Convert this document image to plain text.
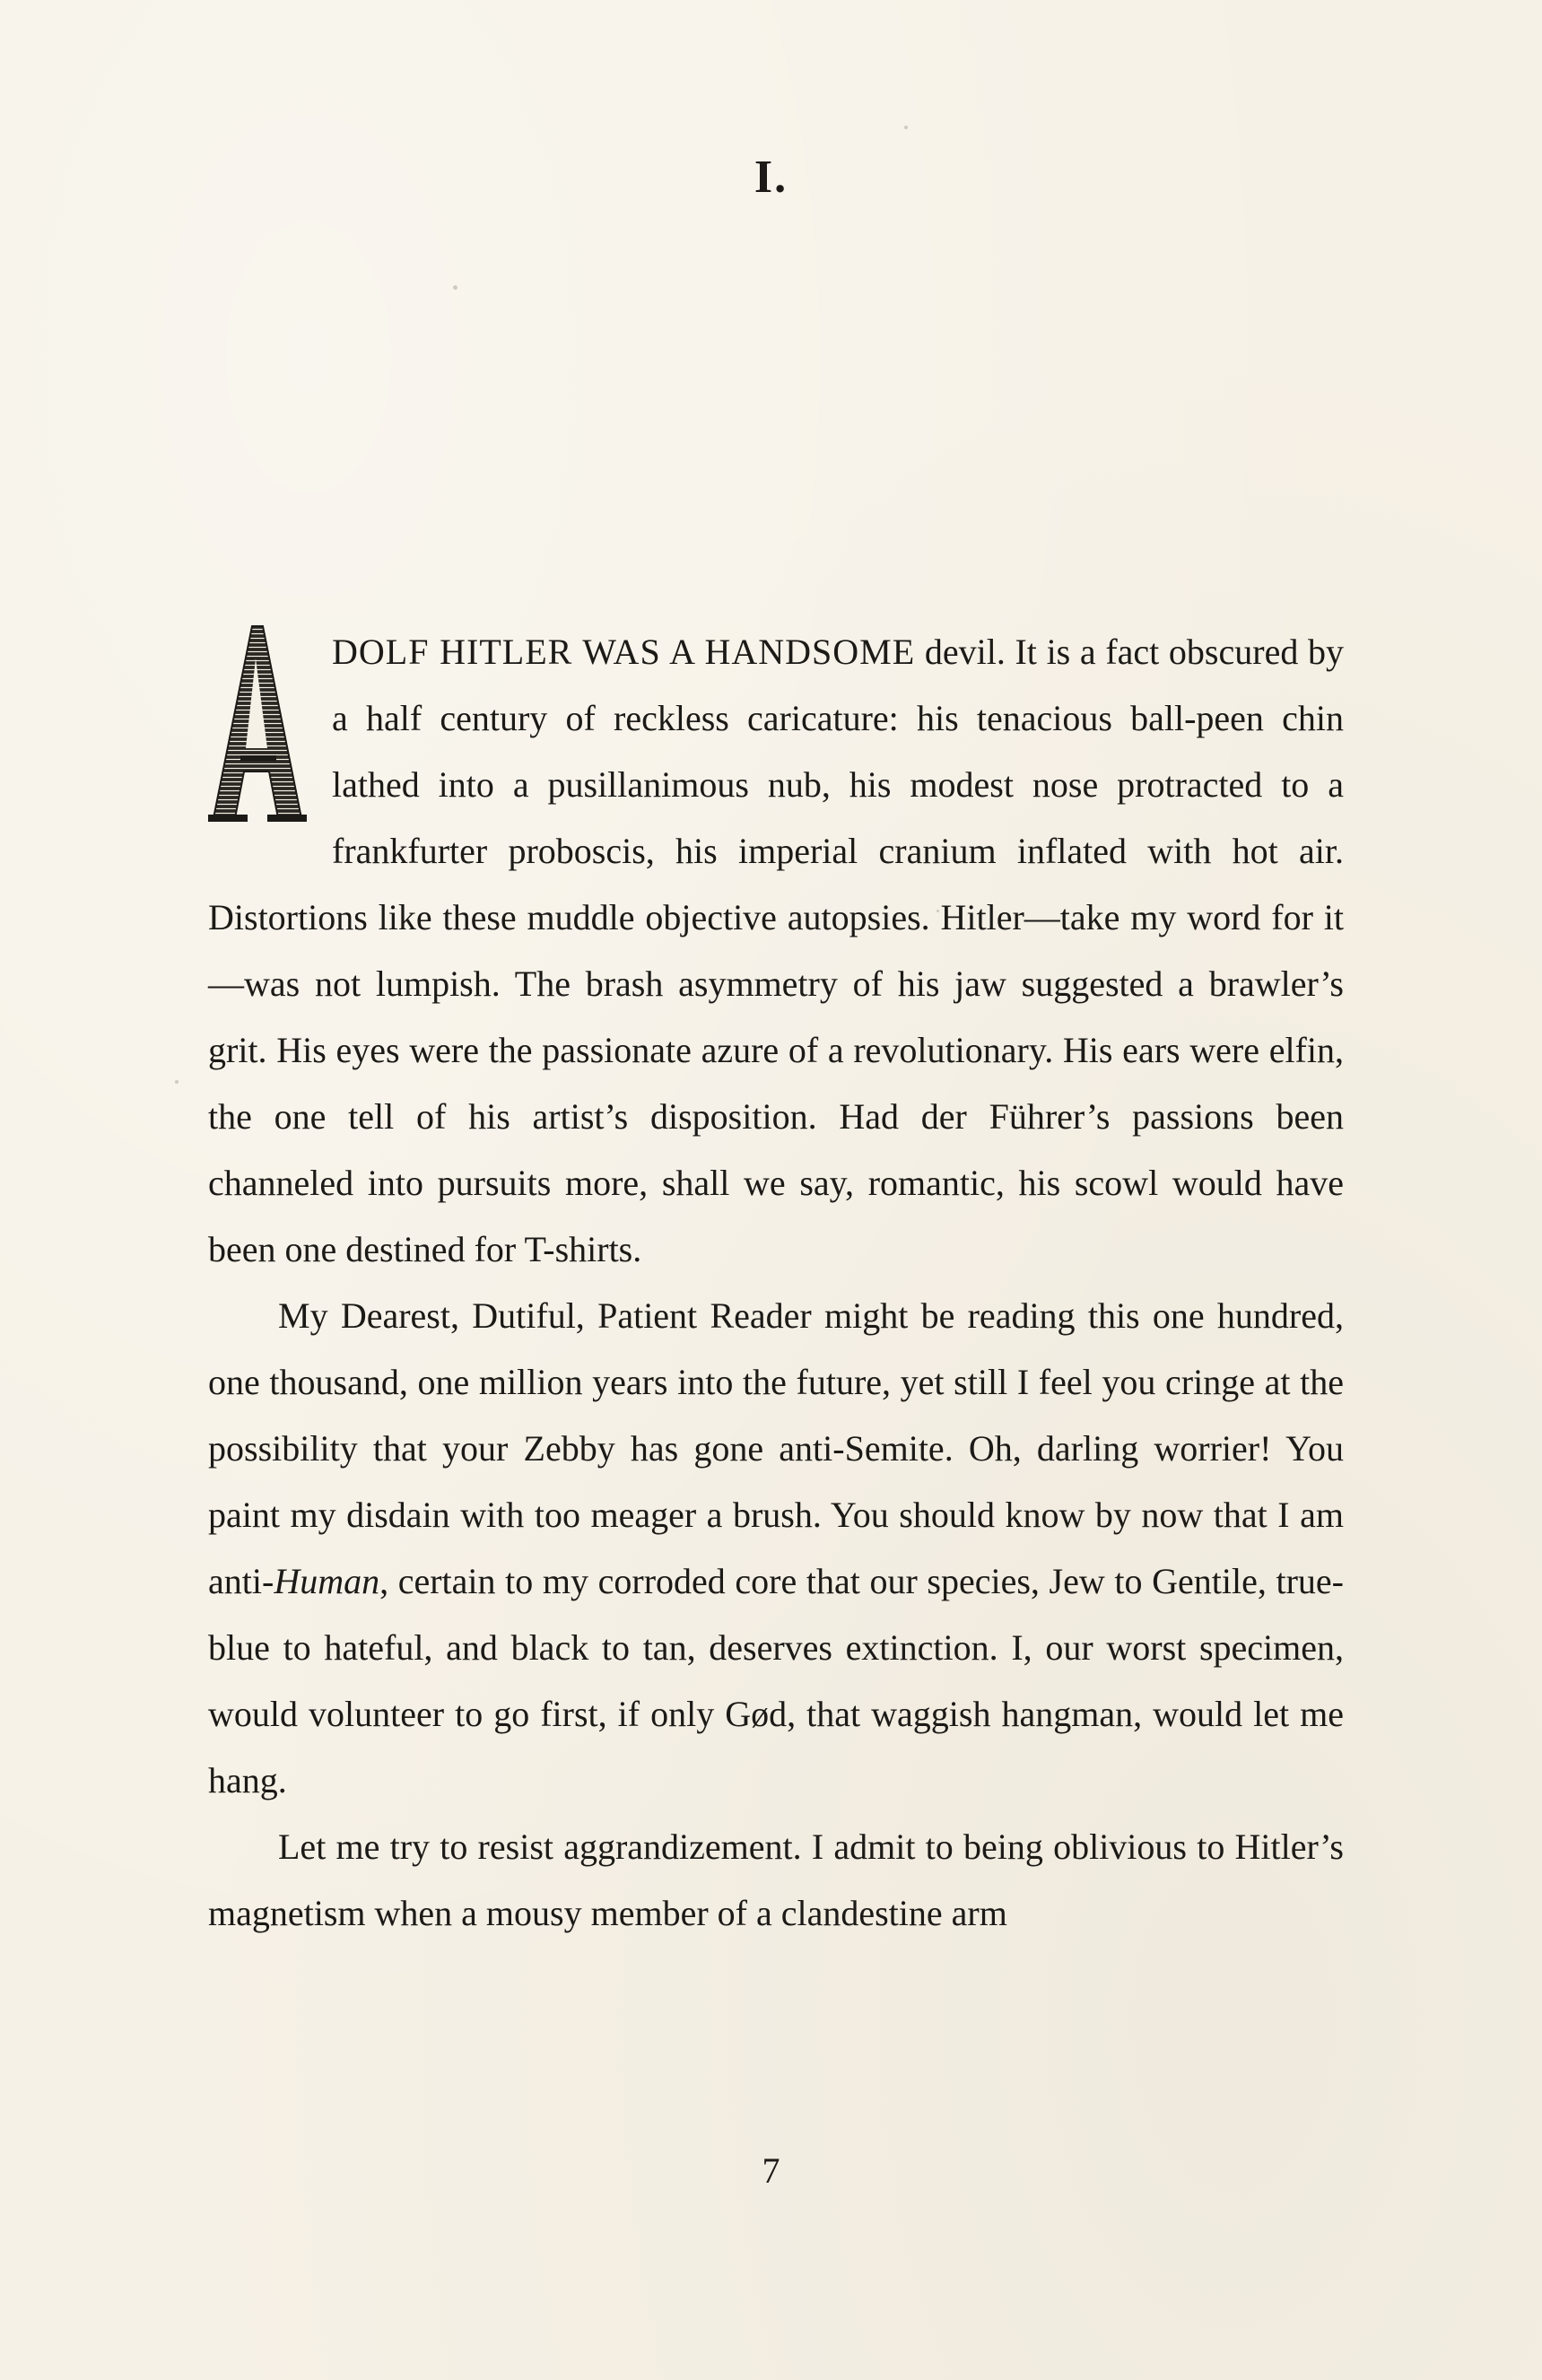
I.

DOLF HITLER WAS A HANDSOME devil. It is a fact obscured by a half century of reckless caricature: his tenacious ball-peen chin lathed into a pusillanimous nub, his modest nose protracted to a frankfurter proboscis, his imperial cranium inflated with hot air. Distortions like these muddle objective autopsies. Hitler—take my word for it—was not lumpish. The brash asymmetry of his jaw suggested a brawler’s grit. His eyes were the passionate azure of a revolutionary. His ears were elfin, the one tell of his artist’s disposition. Had der Führer’s passions been channeled into pursuits more, shall we say, romantic, his scowl would have been one destined for T-shirts.

My Dearest, Dutiful, Patient Reader might be reading this one hundred, one thousand, one million years into the future, yet still I feel you cringe at the possibility that your Zebby has gone anti-Semite. Oh, darling worrier! You paint my disdain with too meager a brush. You should know by now that I am anti-Human, certain to my corroded core that our species, Jew to Gentile, true-blue to hateful, and black to tan, deserves extinction. I, our worst specimen, would volunteer to go first, if only Gød, that waggish hangman, would let me hang.

Let me try to resist aggrandizement. I admit to being oblivious to Hitler’s magnetism when a mousy member of a clandestine arm

7
